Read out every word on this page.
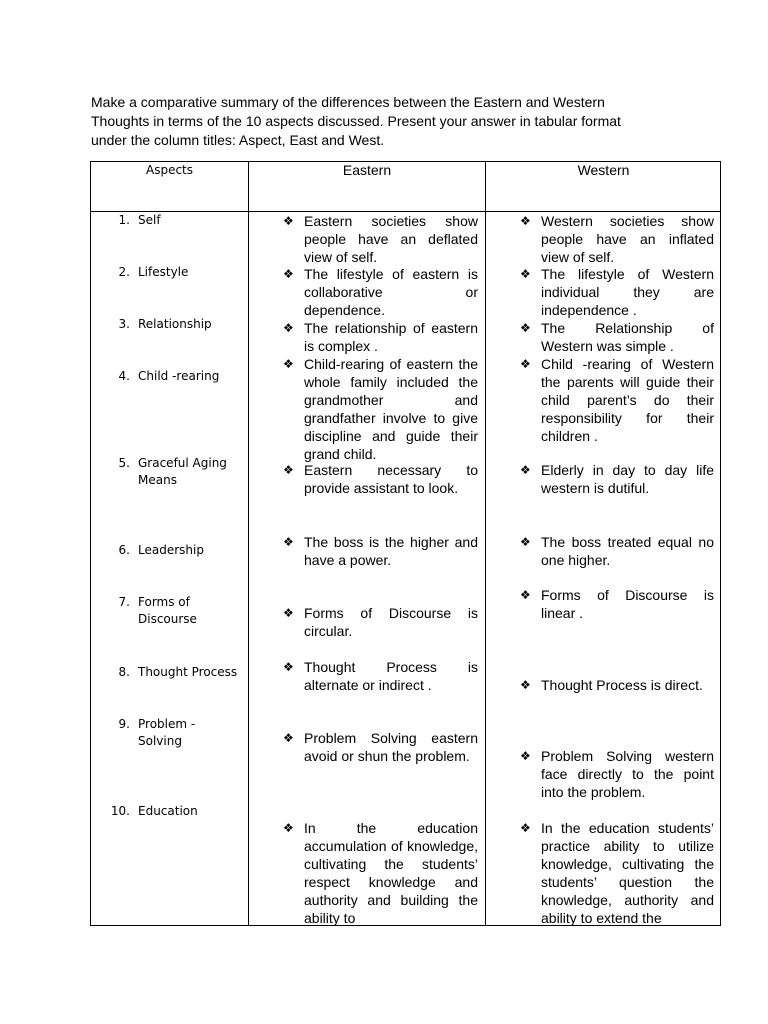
Make a comparative summary of the differences between the Eastern and Western
Thoughts in terms of the 10 aspects discussed. Present your answer in tabular format
under the column titles: Aspect, East and West.
Aspects	Eastern	Western
1. Self
2. Lifestyle
3. Relationship
4. Child -rearing
5. Graceful Aging Means
6. Leadership
7. Forms of Discourse
8. Thought Process
9. Problem -Solving
10. Education
❖ Eastern societies show people have an deflated view of self.
❖ The lifestyle of eastern is collaborative or dependence.
❖ The relationship of eastern is complex .
❖ Child-rearing of eastern the whole family included the grandmother and grandfather involve to give discipline and guide their grand child.
❖ Eastern necessary to provide assistant to look.
❖ The boss is the higher and have a power.
❖ Forms of Discourse is circular.
❖ Thought Process is alternate or indirect .
❖ Problem Solving eastern avoid or shun the problem.
❖ In the education accumulation of knowledge, cultivating the students’ respect knowledge and authority and building the ability to
❖ Western societies show people have an inflated view of self.
❖ The lifestyle of Western individual they are independence .
❖ The Relationship of Western was simple .
❖ Child -rearing of Western the parents will guide their child parent’s do their responsibility for their children .
❖ Elderly in day to day life western is dutiful.
❖ The boss treated equal no one higher.
❖ Forms of Discourse is linear .
❖ Thought Process is direct.
❖ Problem Solving western face directly to the point into the problem.
❖ In the education students’ practice ability to utilize knowledge, cultivating the students’ question the knowledge, authority and ability to extend the
